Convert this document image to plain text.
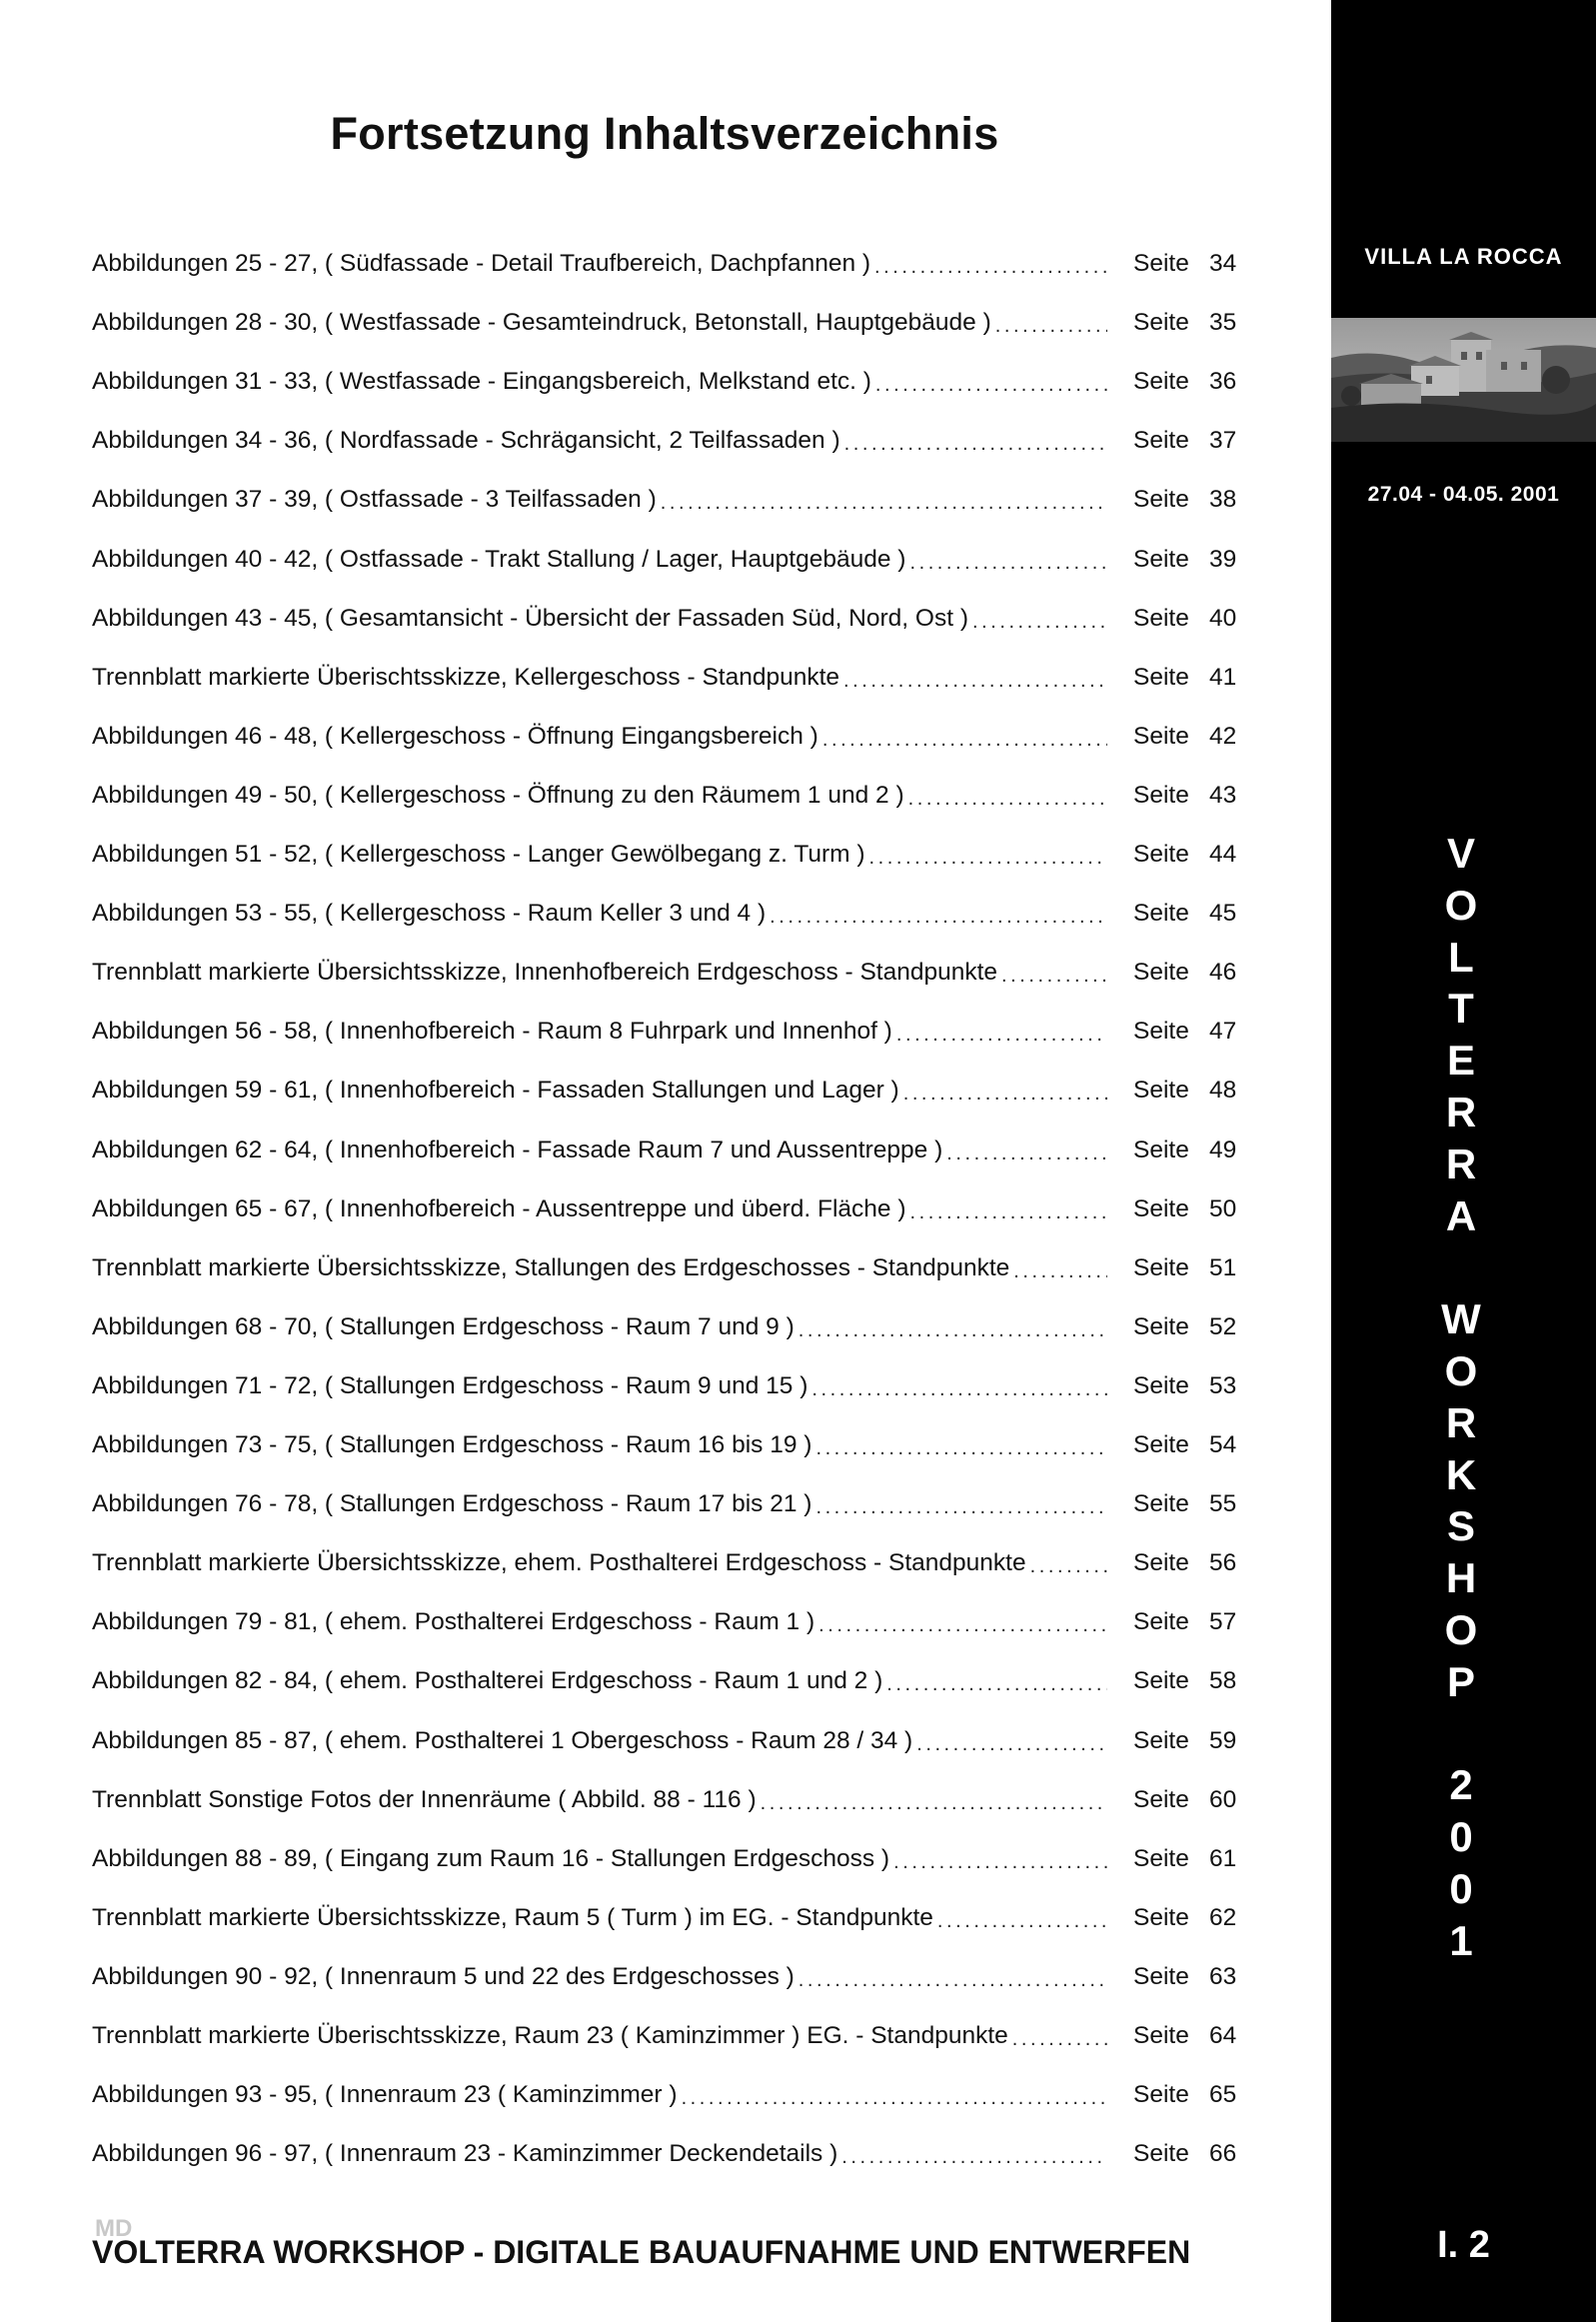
Fortsetzung Inhaltsverzeichnis
Abbildungen 25 - 27, ( Südfassade - Detail Traufbereich, Dachpfannen ) . . .	Seite 34
Abbildungen 28 - 30, ( Westfassade - Gesamteindruck, Betonstall, Hauptgebäude ) . . .	Seite 35
Abbildungen 31 - 33, ( Westfassade - Eingangsbereich, Melkstand etc. ) . . .	Seite 36
Abbildungen 34 - 36, ( Nordfassade - Schrägansicht, 2 Teilfassaden ) . . .	Seite 37
Abbildungen 37 - 39, ( Ostfassade - 3 Teilfassaden ) . . .	Seite 38
Abbildungen 40 - 42, ( Ostfassade - Trakt Stallung / Lager, Hauptgebäude ) . . .	Seite 39
Abbildungen 43 - 45, ( Gesamtansicht - Übersicht der Fassaden Süd, Nord, Ost ) . . .	Seite 40
Trennblatt markierte Überischtsskizze, Kellergeschoss - Standpunkte . . .	Seite 41
Abbildungen 46 - 48, ( Kellergeschoss - Öffnung Eingangsbereich ) . . .	Seite 42
Abbildungen 49 - 50, ( Kellergeschoss - Öffnung zu den Räumem 1 und 2 ) . . .	Seite 43
Abbildungen 51 - 52, ( Kellergeschoss - Langer Gewölbegang z. Turm ) . . .	Seite 44
Abbildungen 53 - 55, ( Kellergeschoss - Raum Keller 3 und 4 ) . . .	Seite 45
Trennblatt markierte Übersichtsskizze, Innenhofbereich Erdgeschoss - Standpunkte . . .	Seite 46
Abbildungen 56 - 58, ( Innenhofbereich - Raum 8 Fuhrpark und Innenhof ) . . .	Seite 47
Abbildungen 59 - 61, ( Innenhofbereich - Fassaden Stallungen und Lager ) . . .	Seite 48
Abbildungen 62 - 64, ( Innenhofbereich - Fassade Raum 7 und Aussentreppe ) . . .	Seite 49
Abbildungen 65 - 67, ( Innenhofbereich - Aussentreppe und überd. Fläche ) . . .	Seite 50
Trennblatt markierte Übersichtsskizze, Stallungen des Erdgeschosses - Standpunkte . . .	Seite 51
Abbildungen 68 - 70, ( Stallungen Erdgeschoss - Raum 7 und 9 ) . . .	Seite 52
Abbildungen 71 - 72, ( Stallungen Erdgeschoss - Raum 9 und 15 ) . . .	Seite 53
Abbildungen 73 - 75, ( Stallungen Erdgeschoss - Raum 16 bis 19 ) . . .	Seite 54
Abbildungen 76 - 78, ( Stallungen Erdgeschoss - Raum 17 bis 21 ) . . .	Seite 55
Trennblatt markierte Übersichtsskizze, ehem. Posthalterei Erdgeschoss - Standpunkte . . .	Seite 56
Abbildungen 79 - 81, ( ehem. Posthalterei Erdgeschoss - Raum 1 ) . . .	Seite 57
Abbildungen 82 - 84, ( ehem. Posthalterei Erdgeschoss - Raum 1 und 2 ) . . .	Seite 58
Abbildungen 85 - 87, ( ehem. Posthalterei 1 Obergeschoss - Raum 28 / 34 ) . . .	Seite 59
Trennblatt Sonstige Fotos der Innenräume ( Abbild. 88 - 116 ) . . .	Seite 60
Abbildungen 88 - 89, ( Eingang zum Raum 16 - Stallungen Erdgeschoss ) . . .	Seite 61
Trennblatt markierte Übersichtsskizze, Raum 5 ( Turm ) im EG. - Standpunkte . . .	Seite 62
Abbildungen 90 - 92, ( Innenraum 5 und 22 des Erdgeschosses ) . . .	Seite 63
Trennblatt markierte Überischtsskizze, Raum 23 ( Kaminzimmer ) EG. - Standpunkte . . .	Seite 64
Abbildungen 93 - 95, ( Innenraum 23 ( Kaminzimmer ) . . .	Seite 65
Abbildungen 96 - 97, ( Innenraum 23 - Kaminzimmer Deckendetails ) . . .	Seite 66
VILLA LA ROCCA
27.04 - 04.05. 2001
V
O
L
T
E
R
R
A
W
O
R
K
S
H
O
P
2
0
0
1
MD
VOLTERRA WORKSHOP - DIGITALE BAUAUFNAHME UND ENTWERFEN	I. 2
